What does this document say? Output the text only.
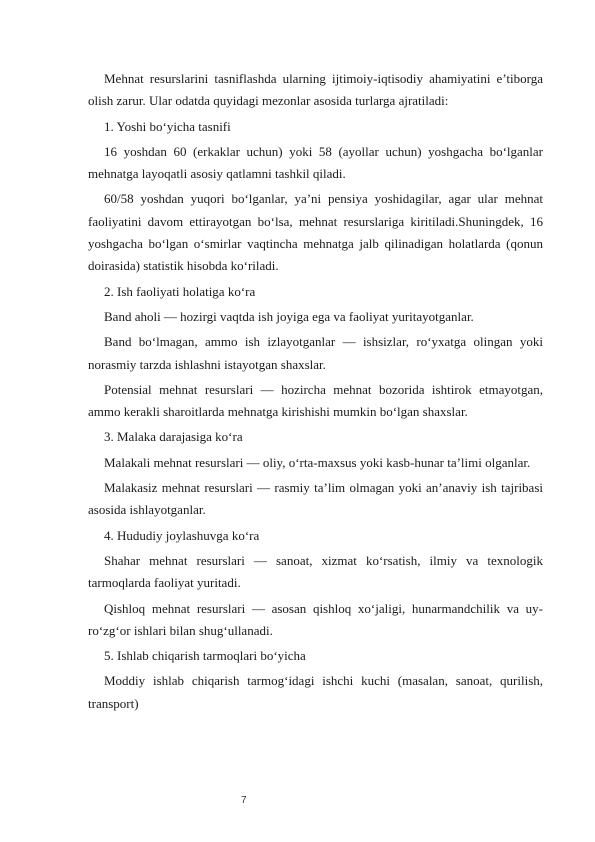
Mehnat resurslarini tasniflashda ularning ijtimoiy-iqtisodiy ahamiyatini e’tiborga olish zarur. Ular odatda quyidagi mezonlar asosida turlarga ajratiladi:

1. Yoshi bo‘yicha tasnifi

16 yoshdan 60 (erkaklar uchun) yoki 58 (ayollar uchun) yoshgacha bo‘lganlar mehnatga layoqatli asosiy qatlamni tashkil qiladi.

60/58 yoshdan yuqori bo‘lganlar, ya’ni pensiya yoshidagilar, agar ular mehnat faoliyatini davom ettirayotgan bo‘lsa, mehnat resurslariga kiritiladi.Shuningdek, 16 yoshgacha bo‘lgan o‘smirlar vaqtincha mehnatga jalb qilinadigan holatlarda (qonun doirasida) statistik hisobda ko‘riladi.

2. Ish faoliyati holatiga ko‘ra

Band aholi — hozirgi vaqtda ish joyiga ega va faoliyat yuritayotganlar.

Band bo‘lmagan, ammo ish izlayotganlar — ishsizlar, ro‘yxatga olingan yoki norasmiy tarzda ishlashni istayotgan shaxslar.

Potensial mehnat resurslari — hozircha mehnat bozorida ishtirok etmayotgan, ammo kerakli sharoitlarda mehnatga kirishishi mumkin bo‘lgan shaxslar.

3. Malaka darajasiga ko‘ra

Malakali mehnat resurslari — oliy, o‘rta-maxsus yoki kasb-hunar ta’limi olganlar.

Malakasiz mehnat resurslari — rasmiy ta’lim olmagan yoki an’anaviy ish tajribasi asosida ishlayotganlar.

4. Hududiy joylashuvga ko‘ra

Shahar mehnat resurslari — sanoat, xizmat ko‘rsatish, ilmiy va texnologik tarmoqlarda faoliyat yuritadi.

Qishloq mehnat resurslari — asosan qishloq xo‘jaligi, hunarmandchilik va uy-ro‘zg‘or ishlari bilan shug‘ullanadi.

5. Ishlab chiqarish tarmoqlari bo‘yicha

Moddiy ishlab chiqarish tarmog‘idagi ishchi kuchi (masalan, sanoat, qurilish, transport)

7
